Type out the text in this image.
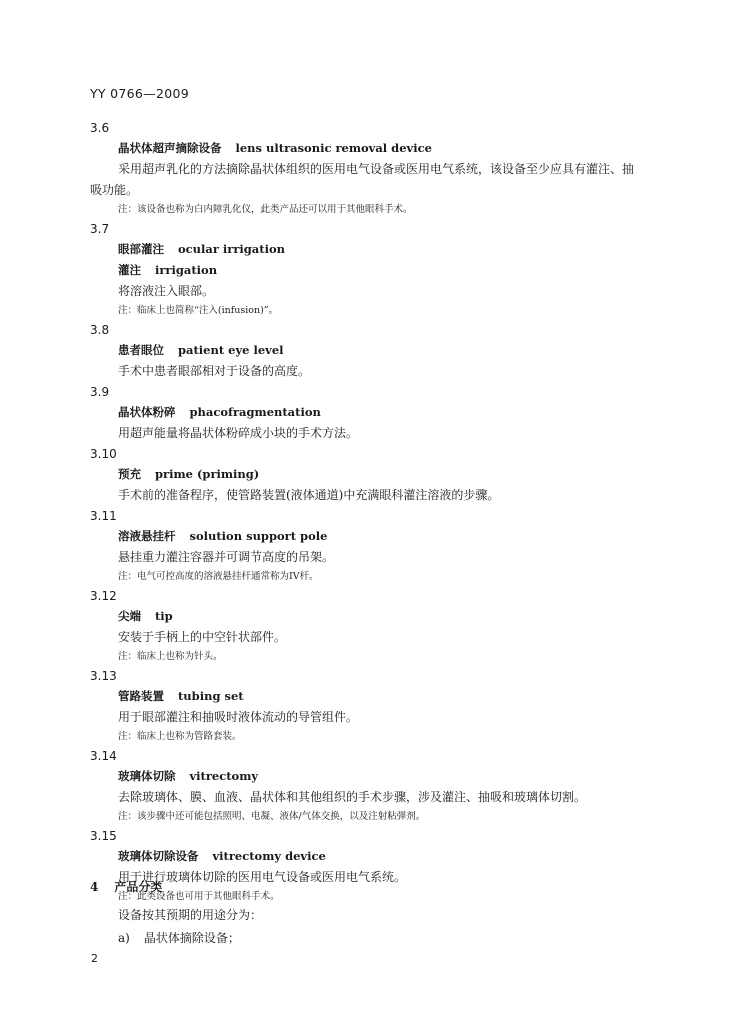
YY 0766—2009
3.6
晶状体超声摘除设备 lens ultrasonic removal device
采用超声乳化的方法摘除晶状体组织的医用电气设备或医用电气系统，该设备至少应具有灌注、抽
吸功能。
注：该设备也称为白内障乳化仪，此类产品还可以用于其他眼科手术。
3.7
眼部灌注 ocular irrigation
灌注 irrigation
将溶液注入眼部。
注：临床上也简称“注入(infusion)”。
3.8
患者眼位 patient eye level
手术中患者眼部相对于设备的高度。
3.9
晶状体粉碎 phacofragmentation
用超声能量将晶状体粉碎成小块的手术方法。
3.10
预充 prime (priming)
手术前的准备程序，使管路装置(液体通道)中充满眼科灌注溶液的步骤。
3.11
溶液悬挂杆 solution support pole
悬挂重力灌注容器并可调节高度的吊架。
注：电气可控高度的溶液悬挂杆通常称为IV杆。
3.12
尖端 tip
安装于手柄上的中空针状部件。
注：临床上也称为针头。
3.13
管路装置 tubing set
用于眼部灌注和抽吸时液体流动的导管组件。
注：临床上也称为管路套装。
3.14
玻璃体切除 vitrectomy
去除玻璃体、膜、血液、晶状体和其他组织的手术步骤，涉及灌注、抽吸和玻璃体切割。
注：该步骤中还可能包括照明、电凝、液体/气体交换，以及注射粘弹剂。
3.15
玻璃体切除设备 vitrectomy device
用于进行玻璃体切除的医用电气设备或医用电气系统。
注：此类设备也可用于其他眼科手术。
4 产品分类
设备按其预期的用途分为：
a) 晶状体摘除设备；
2
